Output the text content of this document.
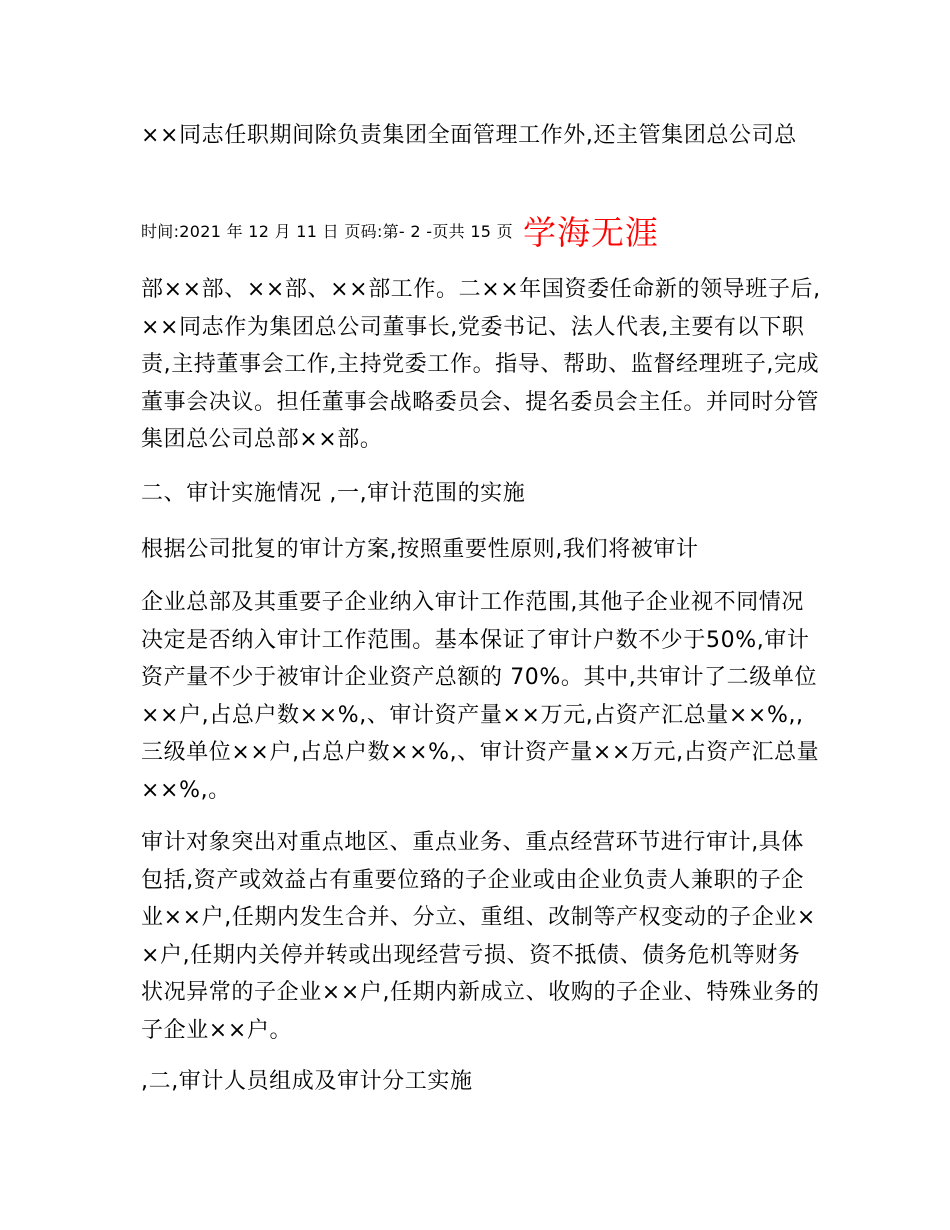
××同志任职期间除负责集团全面管理工作外,还主管集团总公司总
时间:2021 年 12 月 11 日 页码:第- 2 -页共 15 页 学海无涯
部××部、××部、××部工作。二××年国资委任命新的领导班子后,××同志作为集团总公司董事长,党委书记、法人代表,主要有以下职责,主持董事会工作,主持党委工作。指导、帮助、监督经理班子,完成董事会决议。担任董事会战略委员会、提名委员会主任。并同时分管集团总公司总部××部。
二、审计实施情况 ,一,审计范围的实施
根据公司批复的审计方案,按照重要性原则,我们将被审计
企业总部及其重要子企业纳入审计工作范围,其他子企业视不同情况决定是否纳入审计工作范围。基本保证了审计户数不少于50%,审计资产量不少于被审计企业资产总额的 70%。其中,共审计了二级单位××户,占总户数××%,、审计资产量××万元,占资产汇总量××%,,三级单位××户,占总户数××%,、审计资产量××万元,占资产汇总量××%,。
审计对象突出对重点地区、重点业务、重点经营环节进行审计,具体包括,资产或效益占有重要位臵的子企业或由企业负责人兼职的子企业××户,任期内发生合并、分立、重组、改制等产权变动的子企业××户,任期内关停并转或出现经营亏损、资不抵债、债务危机等财务状况异常的子企业××户,任期内新成立、收购的子企业、特殊业务的子企业××户。
,二,审计人员组成及审计分工实施
